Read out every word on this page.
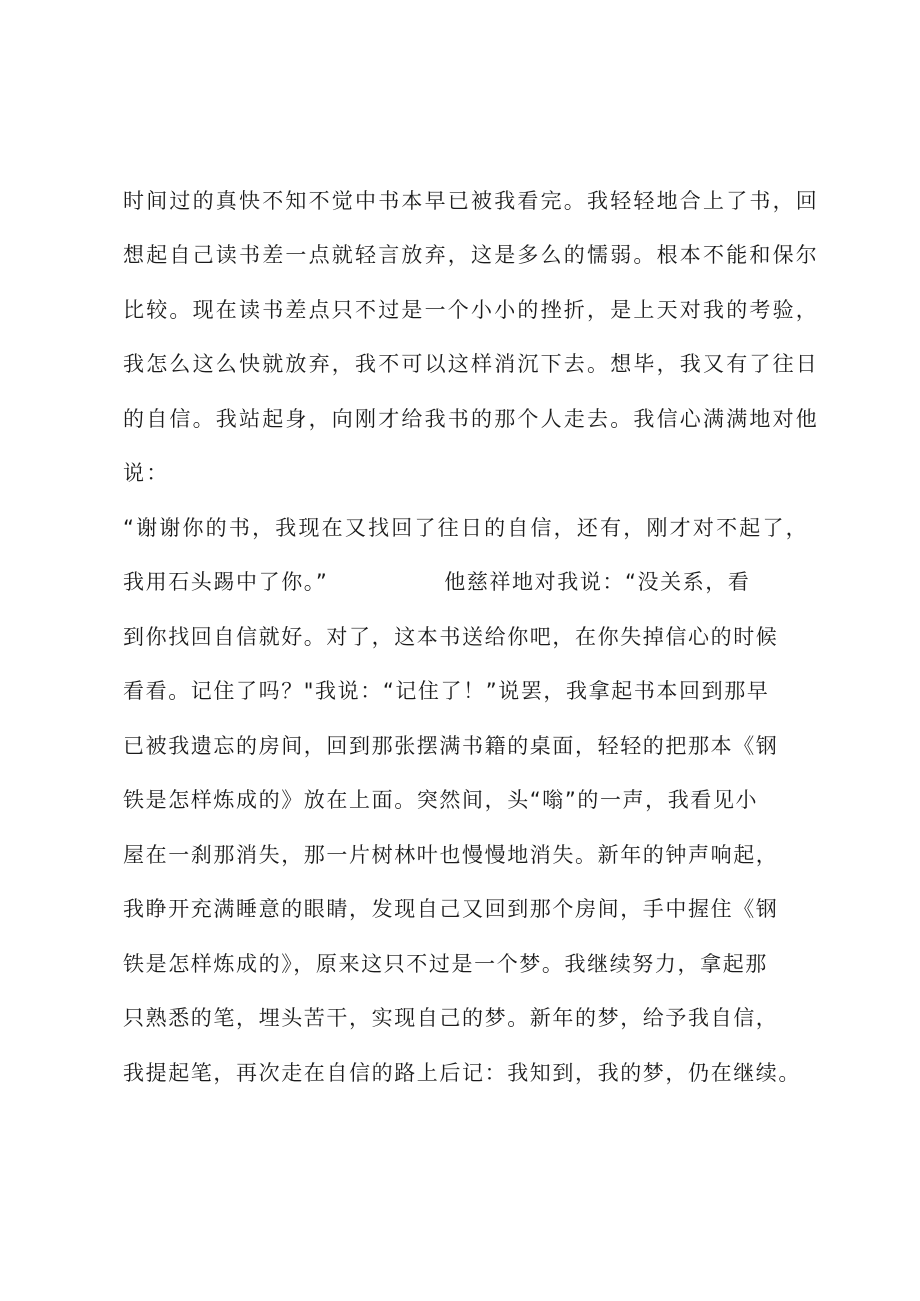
时间过的真快不知不觉中书本早已被我看完。我轻轻地合上了书，回

想起自己读书差一点就轻言放弃，这是多么的懦弱。根本不能和保尔

比较。现在读书差点只不过是一个小小的挫折，是上天对我的考验，

我怎么这么快就放弃，我不可以这样消沉下去。想毕，我又有了往日

的自信。我站起身，向刚才给我书的那个人走去。我信心满满地对他

说：

“谢谢你的书，我现在又找回了往日的自信，还有，刚才对不起了，

我用石头踢中了你。”              他慈祥地对我说：“没关系，看

到你找回自信就好。对了，这本书送给你吧，在你失掉信心的时候

看看。记住了吗？"我说：“记住了！”说罢，我拿起书本回到那早

已被我遗忘的房间，回到那张摆满书籍的桌面，轻轻的把那本《钢

铁是怎样炼成的》放在上面。突然间，头“嗡”的一声，我看见小

屋在一刹那消失，那一片树林叶也慢慢地消失。新年的钟声响起，

我睁开充满睡意的眼睛，发现自己又回到那个房间，手中握住《钢

铁是怎样炼成的》，原来这只不过是一个梦。我继续努力，拿起那

只熟悉的笔，埋头苦干，实现自己的梦。新年的梦，给予我自信，

我提起笔，再次走在自信的路上后记：我知到，我的梦，仍在继续。
